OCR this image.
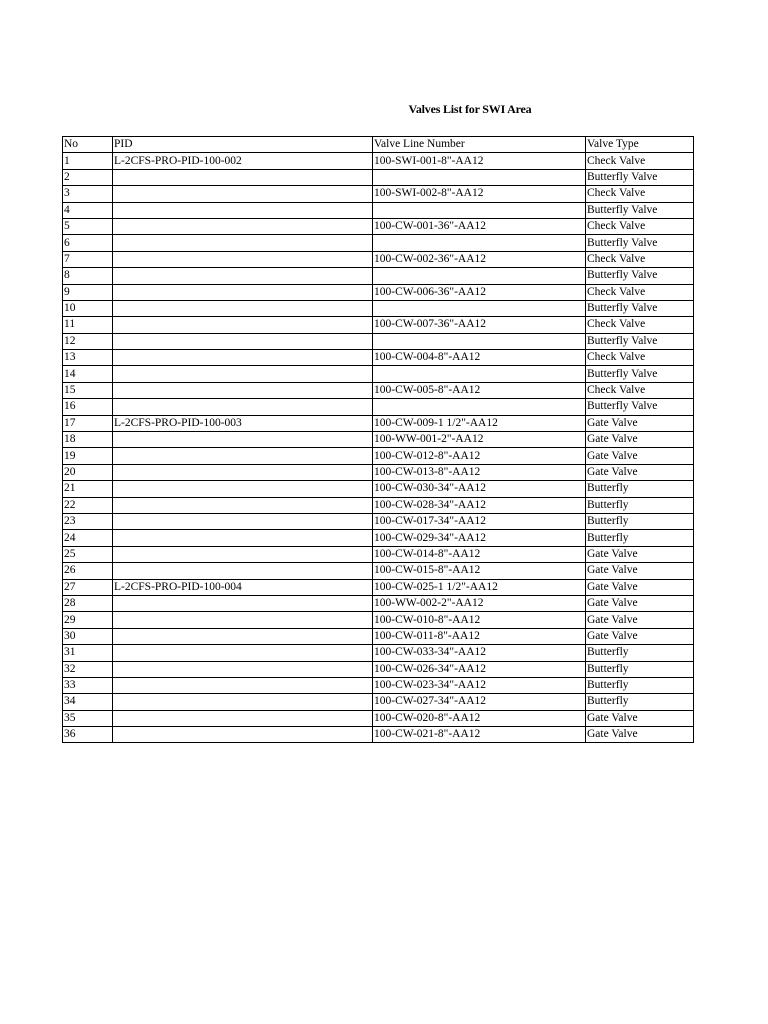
Valves List for SWI Area
No	PID	Valve Line Number	Valve Type
1	L-2CFS-PRO-PID-100-002	100-SWI-001-8"-AA12	Check Valve
2			Butterfly Valve
3		100-SWI-002-8"-AA12	Check Valve
4			Butterfly Valve
5		100-CW-001-36"-AA12	Check Valve
6			Butterfly Valve
7		100-CW-002-36"-AA12	Check Valve
8			Butterfly Valve
9		100-CW-006-36"-AA12	Check Valve
10			Butterfly Valve
11		100-CW-007-36"-AA12	Check Valve
12			Butterfly Valve
13		100-CW-004-8"-AA12	Check Valve
14			Butterfly Valve
15		100-CW-005-8"-AA12	Check Valve
16			Butterfly Valve
17	L-2CFS-PRO-PID-100-003	100-CW-009-1 1/2"-AA12	Gate Valve
18		100-WW-001-2"-AA12	Gate Valve
19		100-CW-012-8"-AA12	Gate Valve
20		100-CW-013-8"-AA12	Gate Valve
21		100-CW-030-34"-AA12	Butterfly
22		100-CW-028-34"-AA12	Butterfly
23		100-CW-017-34"-AA12	Butterfly
24		100-CW-029-34"-AA12	Butterfly
25		100-CW-014-8"-AA12	Gate Valve
26		100-CW-015-8"-AA12	Gate Valve
27	L-2CFS-PRO-PID-100-004	100-CW-025-1 1/2"-AA12	Gate Valve
28		100-WW-002-2"-AA12	Gate Valve
29		100-CW-010-8"-AA12	Gate Valve
30		100-CW-011-8"-AA12	Gate Valve
31		100-CW-033-34"-AA12	Butterfly
32		100-CW-026-34"-AA12	Butterfly
33		100-CW-023-34"-AA12	Butterfly
34		100-CW-027-34"-AA12	Butterfly
35		100-CW-020-8"-AA12	Gate Valve
36		100-CW-021-8"-AA12	Gate Valve
